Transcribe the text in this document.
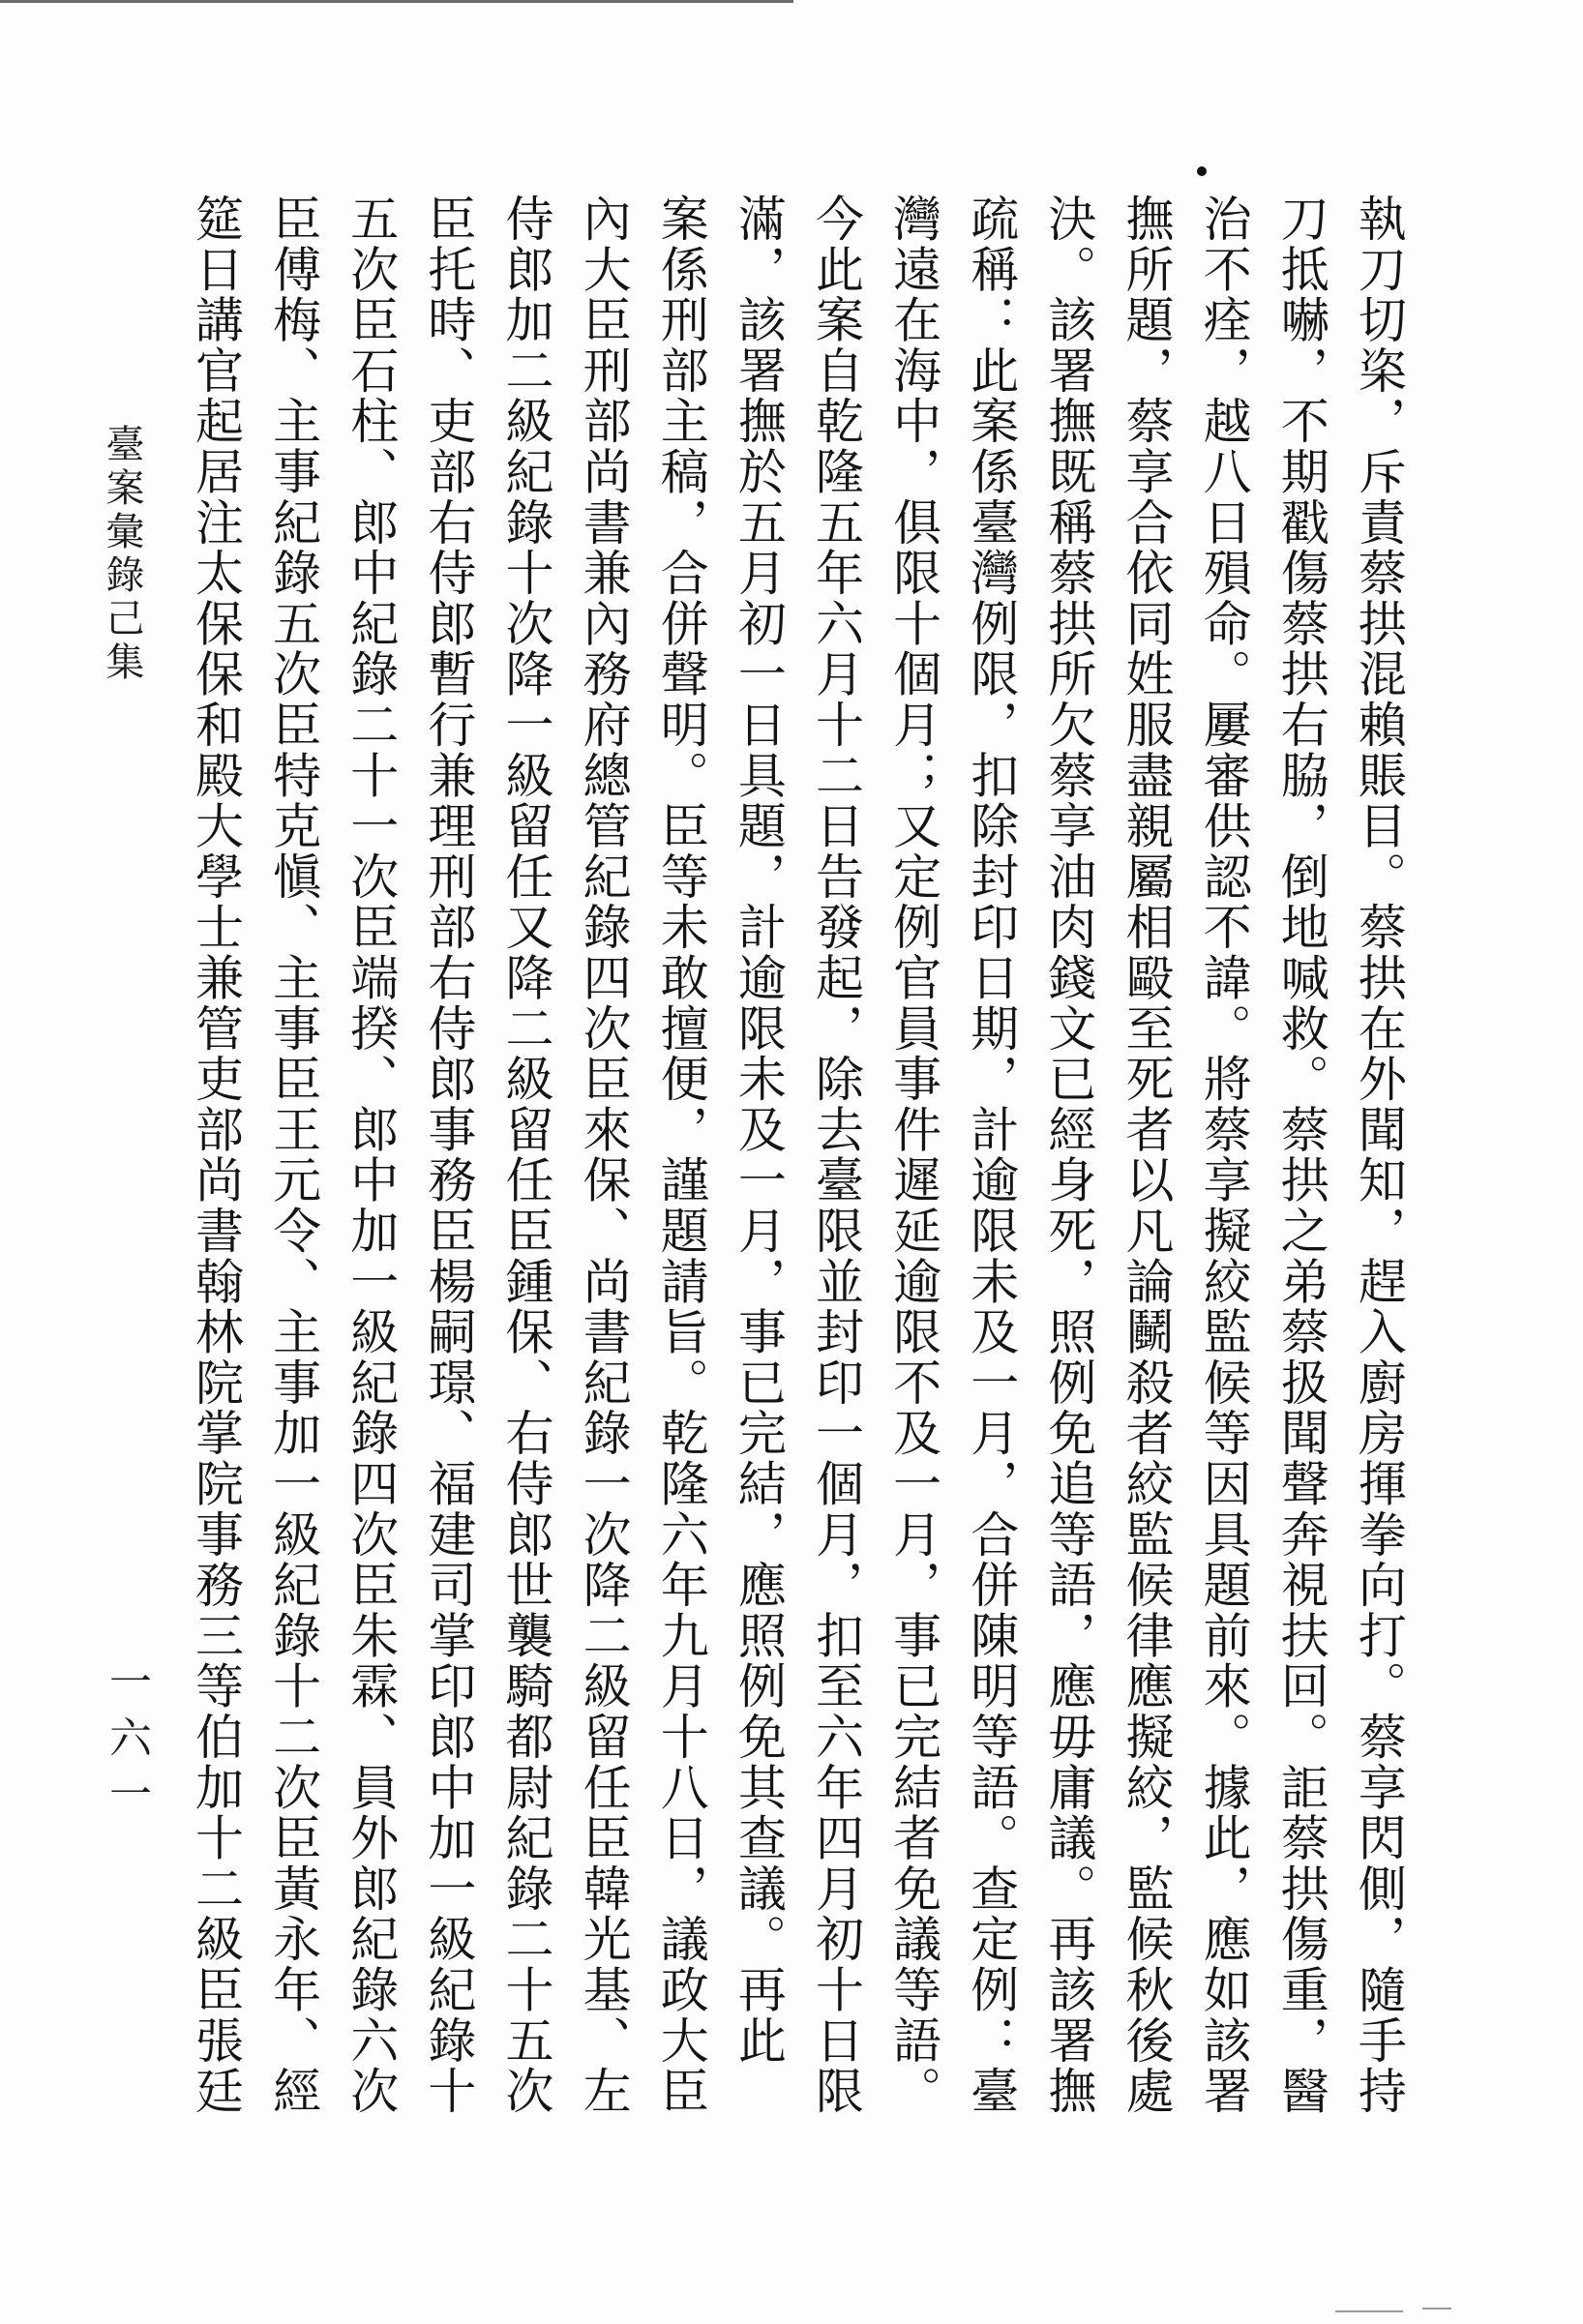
執刀切栥，斥責蔡拱混賴賬目。蔡拱在外聞知，趕入廚房揮拳向打。蔡享閃側，隨手持
刀抵嚇，不期戳傷蔡拱右脇，倒地喊救。蔡拱之弟蔡扱聞聲奔視扶回。詎蔡拱傷重，醫
治不痊，越八日殞命。屢審供認不諱。將蔡享擬絞監候等因具題前來。據此，應如該署
撫所題，蔡享合依同姓服盡親屬相毆至死者以凡論鬭殺者絞監候律應擬絞，監候秋後處
決。該署撫既稱蔡拱所欠蔡享油肉錢文已經身死，照例免追等語，應毋庸議。再該署撫
疏稱：此案係臺灣例限，扣除封印日期，計逾限未及一月，合併陳明等語。查定例：臺
灣遠在海中，俱限十個月；又定例官員事件遲延逾限不及一月，事已完結者免議等語。
今此案自乾隆五年六月十二日告發起，除去臺限並封印一個月，扣至六年四月初十日限
滿，該署撫於五月初一日具題，計逾限未及一月，事已完結，應照例免其查議。再此
案係刑部主稿，合併聲明。臣等未敢擅便，謹題請旨。乾隆六年九月十八日，議政大臣
內大臣刑部尚書兼內務府總管紀錄四次臣來保、尚書紀錄一次降二級留任臣韓光基、左
侍郎加二級紀錄十次降一級留任又降二級留任臣鍾保、右侍郎世襲騎都尉紀錄二十五次
臣托時、吏部右侍郎暫行兼理刑部右侍郎事務臣楊嗣璟、福建司掌印郎中加一級紀錄十
五次臣石柱、郎中紀錄二十一次臣端揆、郎中加一級紀錄四次臣朱霖、員外郎紀錄六次
臣傅梅、主事紀錄五次臣特克愼、主事臣王元令、主事加一級紀錄十二次臣黃永年、經
筵日講官起居注太保保和殿大學士兼管吏部尚書翰林院掌院事務三等伯加十二級臣張廷
臺案彙錄己集
一六一
